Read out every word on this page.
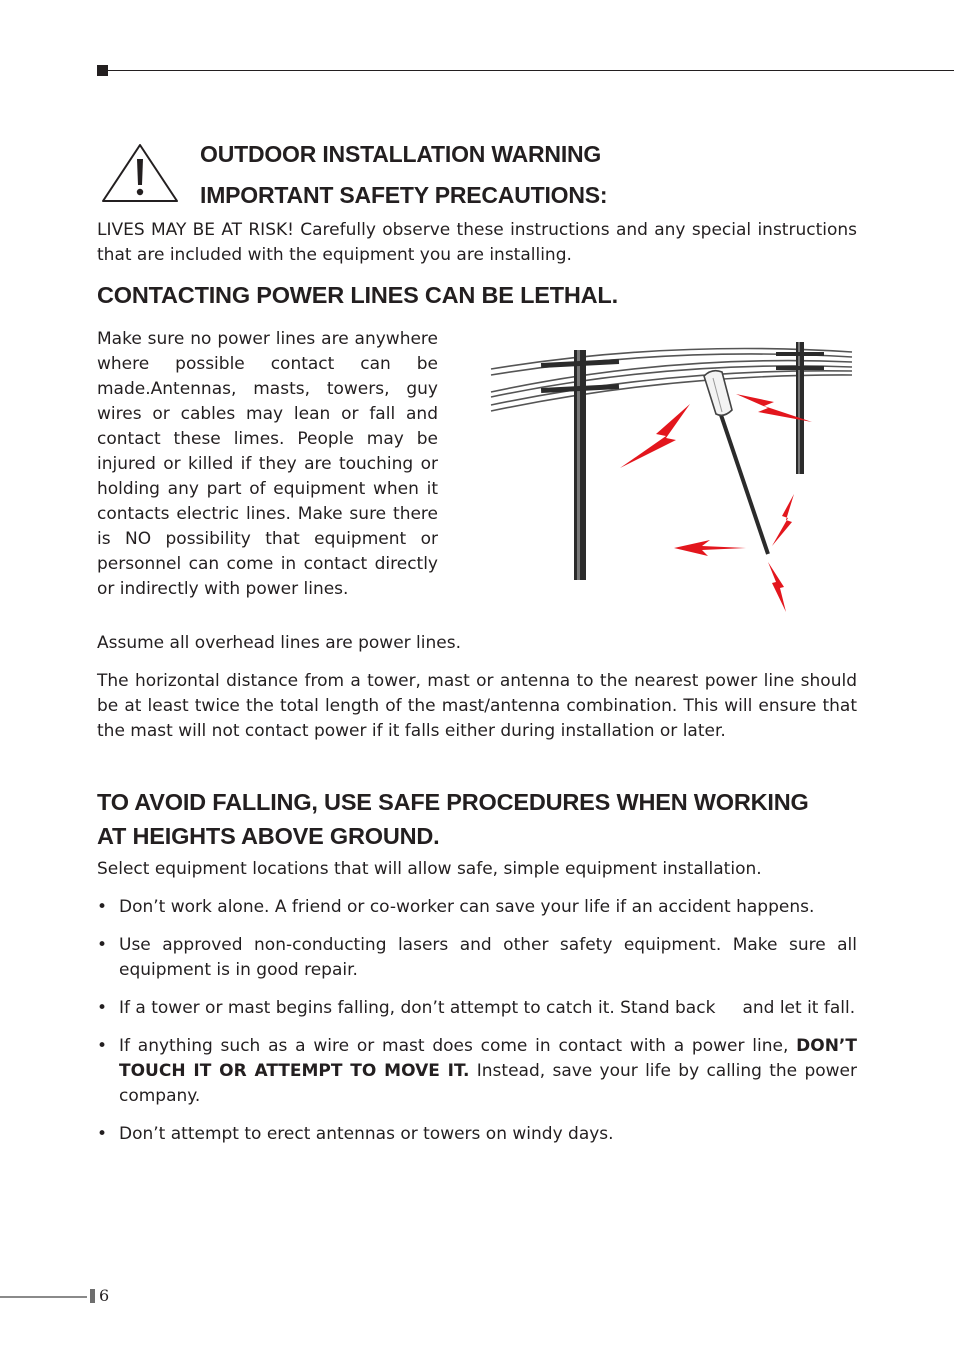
OUTDOOR INSTALLATION WARNING
IMPORTANT SAFETY PRECAUTIONS:

LIVES MAY BE AT RISK! Carefully observe these instructions and any special instructions that are included with the equipment you are installing.

CONTACTING POWER LINES CAN BE LETHAL.

Make sure no power lines are anywhere where possible contact can be made.Antennas, masts, towers, guy wires or cables may lean or fall and contact these limes. People may be injured or killed if they are touching or holding any part of equipment when it contacts electric lines. Make sure there is NO possibility that equipment or personnel can come in contact directly or indirectly with power lines.

Assume all overhead lines are power lines.

The horizontal distance from a tower, mast or antenna to the nearest power line should be at least twice the total length of the mast/antenna combination. This will ensure that the mast will not contact power if it falls either during installation or later.

TO AVOID FALLING, USE SAFE PROCEDURES WHEN WORKING
AT HEIGHTS ABOVE GROUND.

Select equipment locations that will allow safe, simple equipment installation.

• Don’t work alone. A friend or co-worker can save your life if an accident happens.
• Use approved non-conducting lasers and other safety equipment. Make sure all equipment is in good repair.
• If a tower or mast begins falling, don’t attempt to catch it. Stand back     and let it fall.
• If anything such as a wire or mast does come in contact with a power line, DON’T TOUCH IT OR ATTEMPT TO MOVE IT. Instead, save your life by calling the power company.
• Don’t attempt to erect antennas or towers on windy days.
6
